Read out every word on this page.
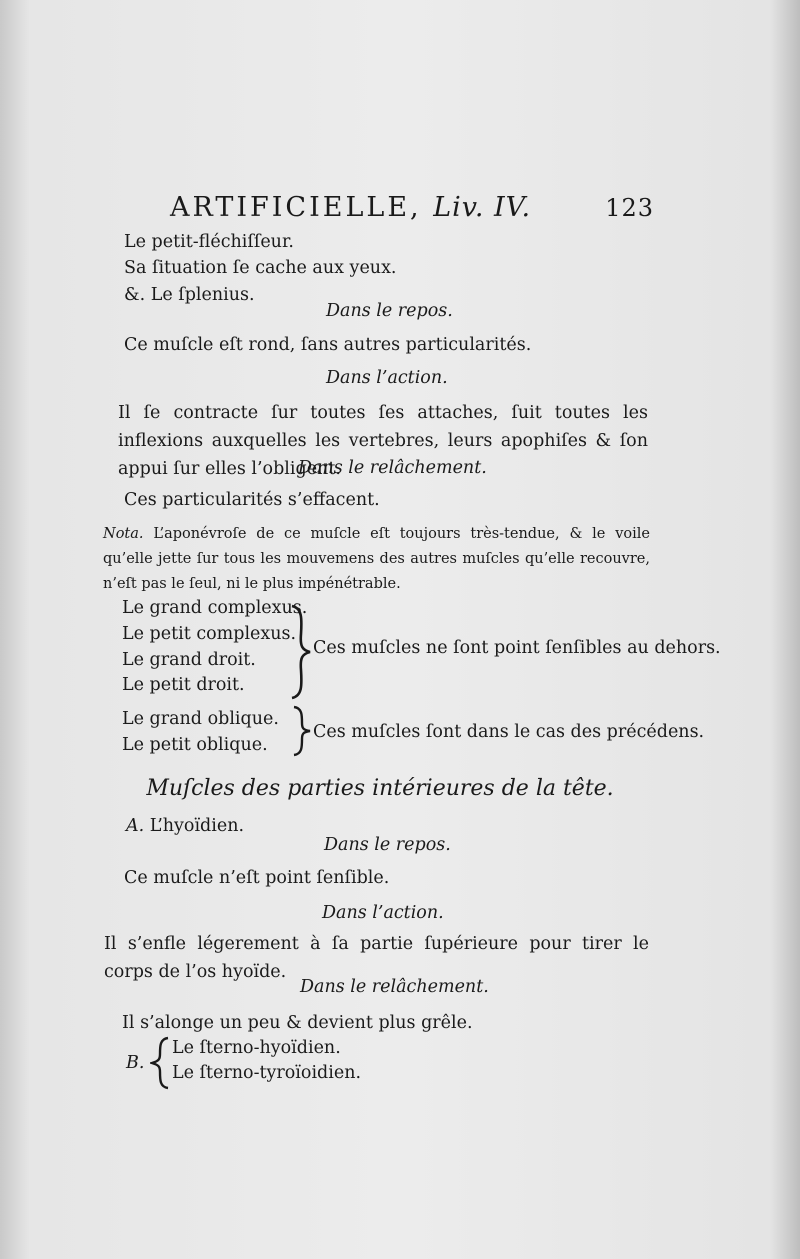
ARTIFICIELLE, Liv. IV.	123
Le petit-fléchiſſeur.
Sa ſituation ſe cache aux yeux.
&. Le ſplenius.
Dans le repos.
Ce muſcle eſt rond, ſans autres particularités.
Dans l’action.
Il ſe contracte ſur toutes ſes attaches, ſuit toutes les inflexions auxquelles les vertebres, leurs apophiſes & ſon appui ſur elles l’obligent.
Dans le relâchement.
Ces particularités s’effacent.
Nota. L’aponévroſe de ce muſcle eſt toujours très-tendue, & le voile qu’elle jette ſur tous les mouvemens des autres muſcles qu’elle recouvre, n’eſt pas le ſeul, ni le plus impénétrable.
Le grand complexus.
Le petit complexus.
Le grand droit.
Le petit droit.
Ces muſcles ne ſont point ſenſibles au dehors.
Le grand oblique.
Le petit oblique.
Ces muſcles ſont dans le cas des précédens.
Muſcles des parties intérieures de la tête.
A. L’hyoïdien.
Dans le repos.
Ce muſcle n’eſt point ſenſible.
Dans l’action.
Il s’enfle légerement à ſa partie ſupérieure pour tirer le corps de l’os hyoïde.
Dans le relâchement.
Il s’alonge un peu & devient plus grêle.
B.
Le ſterno-hyoïdien.
Le ſterno-tyroïoidien.
